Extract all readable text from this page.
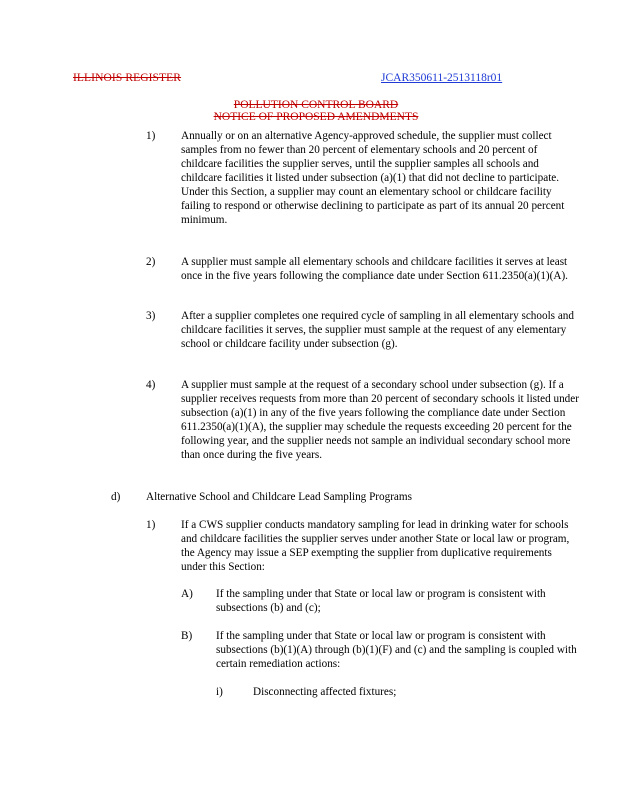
ILLINOIS REGISTER	JCAR350611-2513118r01
POLLUTION CONTROL BOARD
NOTICE OF PROPOSED AMENDMENTS
1) Annually or on an alternative Agency-approved schedule, the supplier must collect samples from no fewer than 20 percent of elementary schools and 20 percent of childcare facilities the supplier serves, until the supplier samples all schools and childcare facilities it listed under subsection (a)(1) that did not decline to participate. Under this Section, a supplier may count an elementary school or childcare facility failing to respond or otherwise declining to participate as part of its annual 20 percent minimum.
2) A supplier must sample all elementary schools and childcare facilities it serves at least once in the five years following the compliance date under Section 611.2350(a)(1)(A).
3) After a supplier completes one required cycle of sampling in all elementary schools and childcare facilities it serves, the supplier must sample at the request of any elementary school or childcare facility under subsection (g).
4) A supplier must sample at the request of a secondary school under subsection (g). If a supplier receives requests from more than 20 percent of secondary schools it listed under subsection (a)(1) in any of the five years following the compliance date under Section 611.2350(a)(1)(A), the supplier may schedule the requests exceeding 20 percent for the following year, and the supplier needs not sample an individual secondary school more than once during the five years.
d) Alternative School and Childcare Lead Sampling Programs
1) If a CWS supplier conducts mandatory sampling for lead in drinking water for schools and childcare facilities the supplier serves under another State or local law or program, the Agency may issue a SEP exempting the supplier from duplicative requirements under this Section:
A) If the sampling under that State or local law or program is consistent with subsections (b) and (c);
B) If the sampling under that State or local law or program is consistent with subsections (b)(1)(A) through (b)(1)(F) and (c) and the sampling is coupled with certain remediation actions:
i)	Disconnecting affected fixtures;
